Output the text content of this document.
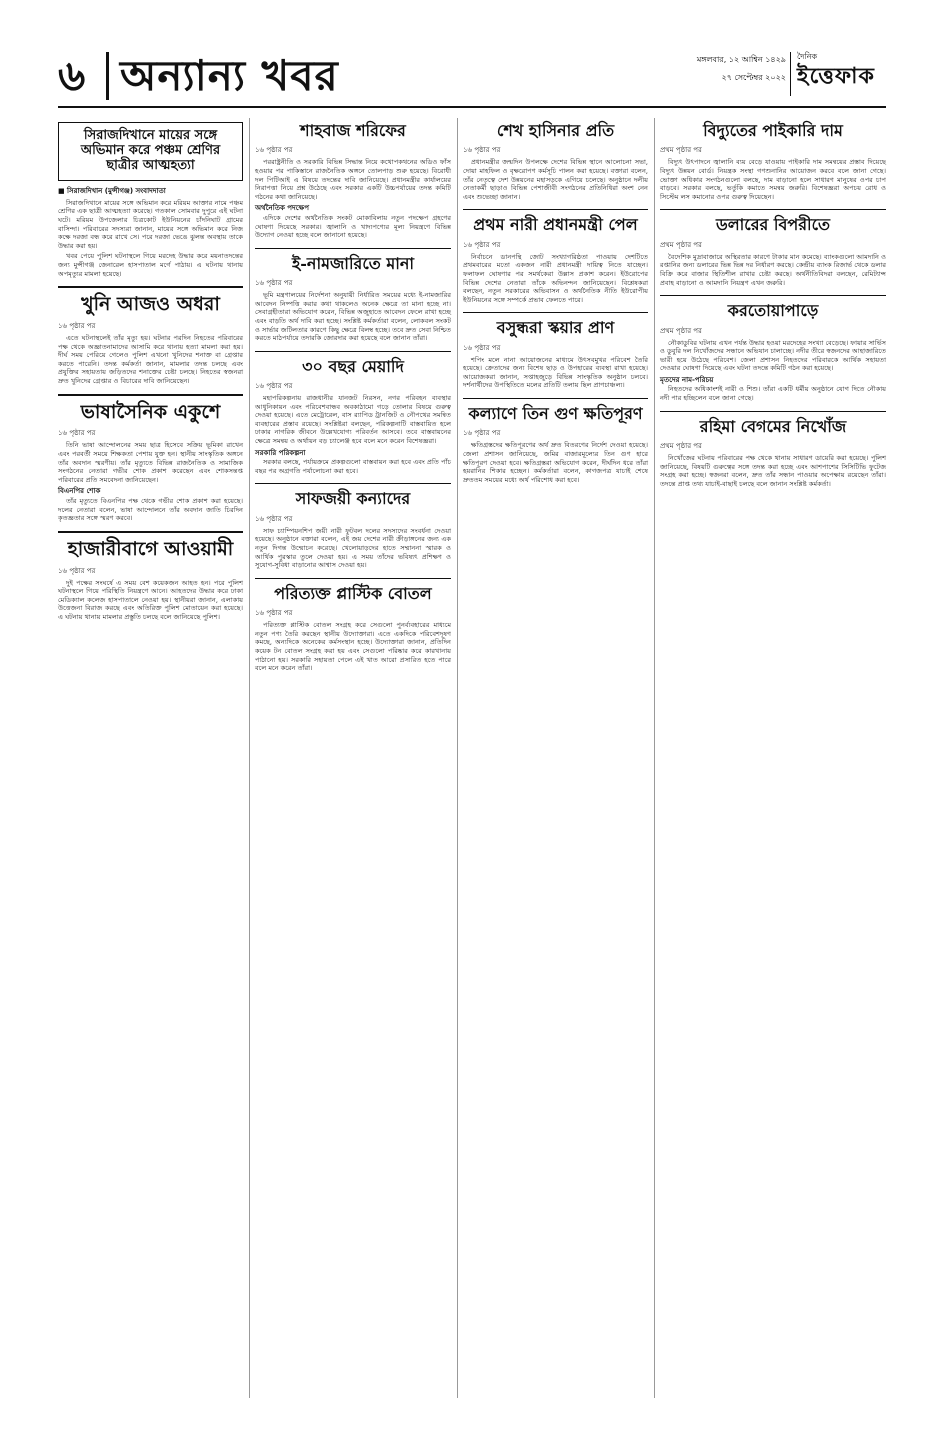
৬ অন্যান্য খবর	মঙ্গলবার, ১২ আশ্বিন ১৪২৯
২৭ সেপ্টেম্বর ২০২২
দৈনিক
ইত্তেফাক
সিরাজদিখানে মায়ের সঙ্গে অভিমান করে পঞ্চম শ্রেণির ছাত্রীর আত্মহত্যা
■ সিরাজদিখান (মুন্সীগঞ্জ) সংবাদদাতা

সিরাজদিখানে মায়ের সঙ্গে অভিমান করে মরিয়ম আক্তার নামে পঞ্চম শ্রেণির এক ছাত্রী আত্মহত্যা করেছে। গতকাল সোমবার দুপুরে এই ঘটনা ঘটে। মরিয়ম উপজেলার চিত্রকোট ইউনিয়নের চাঁদনিঘাট গ্রামের বাসিন্দা। পরিবারের সদস্যরা জানান, মায়ের সঙ্গে অভিমান করে নিজ কক্ষে দরজা বন্ধ করে রাখে সে। পরে দরজা ভেঙে ঝুলন্ত অবস্থায় তাকে উদ্ধার করা হয়।

খবর পেয়ে পুলিশ ঘটনাস্থলে গিয়ে মরদেহ উদ্ধার করে ময়নাতদন্তের জন্য মুন্সীগঞ্জ জেনারেল হাসপাতাল মর্গে পাঠায়। এ ঘটনায় থানায় অপমৃত্যুর মামলা হয়েছে।

খুনি আজও অধরা
১৬ পৃষ্ঠার পর

এতে ঘটনাস্থলেই তাঁর মৃত্যু হয়। ঘটনার পরদিন নিহতের পরিবারের পক্ষ থেকে অজ্ঞাতনামাদের আসামি করে থানায় হত্যা মামলা করা হয়। দীর্ঘ সময় পেরিয়ে গেলেও পুলিশ এখনো খুনিদের শনাক্ত বা গ্রেপ্তার করতে পারেনি। তদন্ত কর্মকর্তা জানান, মামলার তদন্ত চলছে এবং প্রযুক্তির সহায়তায় জড়িতদের শনাক্তের চেষ্টা চলছে। নিহতের স্বজনরা দ্রুত খুনিদের গ্রেপ্তার ও বিচারের দাবি জানিয়েছেন।

ভাষাসৈনিক একুশে
১৬ পৃষ্ঠার পর

তিনি ভাষা আন্দোলনের সময় ছাত্র হিসেবে সক্রিয় ভূমিকা রাখেন এবং পরবর্তী সময়ে শিক্ষকতা পেশায় যুক্ত হন। স্থানীয় সাংস্কৃতিক অঙ্গনে তাঁর অবদান স্মরণীয়। তাঁর মৃত্যুতে বিভিন্ন রাজনৈতিক ও সামাজিক সংগঠনের নেতারা গভীর শোক প্রকাশ করেছেন এবং শোকসন্তপ্ত পরিবারের প্রতি সমবেদনা জানিয়েছেন।

বিএনপির শোক

তাঁর মৃত্যুতে বিএনপির পক্ষ থেকে গভীর শোক প্রকাশ করা হয়েছে। দলের নেতারা বলেন, ভাষা আন্দোলনে তাঁর অবদান জাতি চিরদিন কৃতজ্ঞতার সঙ্গে স্মরণ করবে।

হাজারীবাগে আওয়ামী
১৬ পৃষ্ঠার পর

দুই পক্ষের সংঘর্ষে এ সময় বেশ কয়েকজন আহত হন। পরে পুলিশ ঘটনাস্থলে গিয়ে পরিস্থিতি নিয়ন্ত্রণে আনে। আহতদের উদ্ধার করে ঢাকা মেডিক্যাল কলেজ হাসপাতালে নেওয়া হয়। স্থানীয়রা জানান, এলাকায় উত্তেজনা বিরাজ করছে এবং অতিরিক্ত পুলিশ মোতায়েন করা হয়েছে। এ ঘটনায় থানায় মামলার প্রস্তুতি চলছে বলে জানিয়েছে পুলিশ।

শাহবাজ শরিফের
১৬ পৃষ্ঠার পর

পররাষ্ট্রনীতি ও সরকারি বিভিন্ন সিদ্ধান্ত নিয়ে কথোপকথনের অডিও ফাঁস হওয়ার পর পাকিস্তানে রাজনৈতিক অঙ্গনে তোলপাড় শুরু হয়েছে। বিরোধী দল পিটিআই এ বিষয়ে তদন্তের দাবি জানিয়েছে। প্রধানমন্ত্রীর কার্যালয়ের নিরাপত্তা নিয়ে প্রশ্ন উঠেছে এবং সরকার একটি উচ্চপর্যায়ের তদন্ত কমিটি গঠনের কথা জানিয়েছে।

অর্থনৈতিক পদক্ষেপ

এদিকে দেশের অর্থনৈতিক সংকট মোকাবিলায় নতুন পদক্ষেপ গ্রহণের ঘোষণা দিয়েছে সরকার। জ্বালানি ও খাদ্যপণ্যের মূল্য নিয়ন্ত্রণে বিভিন্ন উদ্যোগ নেওয়া হচ্ছে বলে জানানো হয়েছে।

ই-নামজারিতে মানা
১৬ পৃষ্ঠার পর

ভূমি মন্ত্রণালয়ের নির্দেশনা অনুযায়ী নির্ধারিত সময়ের মধ্যে ই-নামজারির আবেদন নিষ্পত্তি করার কথা থাকলেও অনেক ক্ষেত্রে তা মানা হচ্ছে না। সেবাগ্রহীতারা অভিযোগ করেন, বিভিন্ন অজুহাতে আবেদন ফেলে রাখা হচ্ছে এবং বাড়তি অর্থ দাবি করা হচ্ছে। সংশ্লিষ্ট কর্মকর্তারা বলেন, লোকবল সংকট ও সার্ভার জটিলতার কারণে কিছু ক্ষেত্রে বিলম্ব হচ্ছে। তবে দ্রুত সেবা নিশ্চিত করতে মাঠপর্যায়ে তদারকি জোরদার করা হয়েছে বলে জানান তাঁরা।

৩০ বছর মেয়াদি
১৬ পৃষ্ঠার পর

মহাপরিকল্পনায় রাজধানীর যানজট নিরসন, নগর পরিবহন ব্যবস্থার আধুনিকায়ন এবং পরিবেশবান্ধব অবকাঠামো গড়ে তোলার বিষয়ে গুরুত্ব দেওয়া হয়েছে। এতে মেট্রোরেল, বাস র‍্যাপিড ট্রানজিট ও নৌপথের সমন্বিত ব্যবহারের প্রস্তাব রয়েছে। সংশ্লিষ্টরা বলছেন, পরিকল্পনাটি বাস্তবায়িত হলে ঢাকার নাগরিক জীবনে উল্লেখযোগ্য পরিবর্তন আসবে। তবে বাস্তবায়নের ক্ষেত্রে সমন্বয় ও অর্থায়ন বড় চ্যালেঞ্জ হবে বলে মনে করেন বিশেষজ্ঞরা।

সরকারি পরিকল্পনা

সরকার বলছে, পর্যায়ক্রমে প্রকল্পগুলো বাস্তবায়ন করা হবে এবং প্রতি পাঁচ বছর পর অগ্রগতি পর্যালোচনা করা হবে।

সাফজয়ী কন্যাদের
১৬ পৃষ্ঠার পর

সাফ চ্যাম্পিয়নশিপ জয়ী নারী ফুটবল দলের সদস্যদের সংবর্ধনা দেওয়া হয়েছে। অনুষ্ঠানে বক্তারা বলেন, এই জয় দেশের নারী ক্রীড়াঙ্গনের জন্য এক নতুন দিগন্ত উন্মোচন করেছে। খেলোয়াড়দের হাতে সম্মাননা স্মারক ও আর্থিক পুরস্কার তুলে দেওয়া হয়। এ সময় তাঁদের ভবিষ্যৎ প্রশিক্ষণ ও সুযোগ-সুবিধা বাড়ানোর আশ্বাস দেওয়া হয়।

পরিত্যক্ত প্লাস্টিক বোতল
১৬ পৃষ্ঠার পর

পরিত্যক্ত প্লাস্টিক বোতল সংগ্রহ করে সেগুলো পুনর্ব্যবহারের মাধ্যমে নতুন পণ্য তৈরি করছেন স্থানীয় উদ্যোক্তারা। এতে একদিকে পরিবেশদূষণ কমছে, অন্যদিকে অনেকের কর্মসংস্থান হচ্ছে। উদ্যোক্তারা জানান, প্রতিদিন কয়েক টন বোতল সংগ্রহ করা হয় এবং সেগুলো পরিষ্কার করে কারখানায় পাঠানো হয়। সরকারি সহায়তা পেলে এই খাত আরো প্রসারিত হতে পারে বলে মনে করেন তাঁরা।

শেখ হাসিনার প্রতি
১৬ পৃষ্ঠার পর

প্রধানমন্ত্রীর জন্মদিন উপলক্ষে দেশের বিভিন্ন স্থানে আলোচনা সভা, দোয়া মাহফিল ও বৃক্ষরোপণ কর্মসূচি পালন করা হয়েছে। বক্তারা বলেন, তাঁর নেতৃত্বে দেশ উন্নয়নের মহাসড়কে এগিয়ে চলেছে। অনুষ্ঠানে দলীয় নেতাকর্মী ছাড়াও বিভিন্ন পেশাজীবী সংগঠনের প্রতিনিধিরা অংশ নেন এবং শুভেচ্ছা জানান।

প্রথম নারী প্রধানমন্ত্রী পেল
১৬ পৃষ্ঠার পর

নির্বাচনে ডানপন্থি জোট সংখ্যাগরিষ্ঠতা পাওয়ায় দেশটিতে প্রথমবারের মতো একজন নারী প্রধানমন্ত্রী দায়িত্ব নিতে যাচ্ছেন। ফলাফল ঘোষণার পর সমর্থকেরা উল্লাস প্রকাশ করেন। ইউরোপের বিভিন্ন দেশের নেতারা তাঁকে অভিনন্দন জানিয়েছেন। বিশ্লেষকরা বলছেন, নতুন সরকারের অভিবাসন ও অর্থনৈতিক নীতি ইউরোপীয় ইউনিয়নের সঙ্গে সম্পর্কে প্রভাব ফেলতে পারে।

বসুন্ধরা স্কয়ার প্রাণ
১৬ পৃষ্ঠার পর

শপিং মলে নানা আয়োজনের মাধ্যমে উৎসবমুখর পরিবেশ তৈরি হয়েছে। ক্রেতাদের জন্য বিশেষ ছাড় ও উপহারের ব্যবস্থা রাখা হয়েছে। আয়োজকরা জানান, সপ্তাহজুড়ে বিভিন্ন সাংস্কৃতিক অনুষ্ঠান চলবে। দর্শনার্থীদের উপস্থিতিতে মলের প্রতিটি তলায় ছিল প্রাণচাঞ্চল্য।

কল্যাণে তিন গুণ ক্ষতিপূরণ
১৬ পৃষ্ঠার পর

ক্ষতিগ্রস্তদের ক্ষতিপূরণের অর্থ দ্রুত বিতরণের নির্দেশ দেওয়া হয়েছে। জেলা প্রশাসন জানিয়েছে, জমির বাজারমূল্যের তিন গুণ হারে ক্ষতিপূরণ দেওয়া হবে। ক্ষতিগ্রস্তরা অভিযোগ করেন, দীর্ঘদিন ধরে তাঁরা হয়রানির শিকার হচ্ছেন। কর্মকর্তারা বলেন, কাগজপত্র যাচাই শেষে দ্রুততম সময়ের মধ্যে অর্থ পরিশোধ করা হবে।

বিদ্যুতের পাইকারি দাম
প্রথম পৃষ্ঠার পর

বিদ্যুৎ উৎপাদনে জ্বালানি ব্যয় বেড়ে যাওয়ায় পাইকারি দাম সমন্বয়ের প্রস্তাব দিয়েছে বিদ্যুৎ উন্নয়ন বোর্ড। নিয়ন্ত্রক সংস্থা গণশুনানির আয়োজন করবে বলে জানা গেছে। ভোক্তা অধিকার সংগঠনগুলো বলছে, দাম বাড়ানো হলে সাধারণ মানুষের ওপর চাপ বাড়বে। সরকার বলছে, ভর্তুকি কমাতে সমন্বয় জরুরি। বিশেষজ্ঞরা অপচয় রোধ ও সিস্টেম লস কমানোর ওপর গুরুত্ব দিয়েছেন।

ডলারের বিপরীতে
প্রথম পৃষ্ঠার পর

বৈদেশিক মুদ্রাবাজারে অস্থিরতার কারণে টাকার মান কমেছে। ব্যাংকগুলো আমদানি ও রপ্তানির জন্য ডলারের ভিন্ন ভিন্ন দর নির্ধারণ করছে। কেন্দ্রীয় ব্যাংক রিজার্ভ থেকে ডলার বিক্রি করে বাজার স্থিতিশীল রাখার চেষ্টা করছে। অর্থনীতিবিদরা বলছেন, রেমিট্যান্স প্রবাহ বাড়ানো ও আমদানি নিয়ন্ত্রণ এখন জরুরি।

করতোয়াপাড়ে
প্রথম পৃষ্ঠার পর

নৌকাডুবির ঘটনায় এখন পর্যন্ত উদ্ধার হওয়া মরদেহের সংখ্যা বেড়েছে। ফায়ার সার্ভিস ও ডুবুরি দল নিখোঁজদের সন্ধানে অভিযান চালাচ্ছে। নদীর তীরে স্বজনদের আহাজারিতে ভারী হয়ে উঠেছে পরিবেশ। জেলা প্রশাসন নিহতদের পরিবারকে আর্থিক সহায়তা দেওয়ার ঘোষণা দিয়েছে এবং ঘটনা তদন্তে কমিটি গঠন করা হয়েছে।

মৃতদের নাম-পরিচয়

নিহতদের অধিকাংশই নারী ও শিশু। তাঁরা একটি ধর্মীয় অনুষ্ঠানে যোগ দিতে নৌকায় নদী পার হচ্ছিলেন বলে জানা গেছে।

রহিমা বেগমের নিখোঁজ
প্রথম পৃষ্ঠার পর

নিখোঁজের ঘটনায় পরিবারের পক্ষ থেকে থানায় সাধারণ ডায়েরি করা হয়েছে। পুলিশ জানিয়েছে, বিষয়টি গুরুত্বের সঙ্গে তদন্ত করা হচ্ছে এবং আশপাশের সিসিটিভি ফুটেজ সংগ্রহ করা হচ্ছে। স্বজনরা বলেন, দ্রুত তাঁর সন্ধান পাওয়ার অপেক্ষায় রয়েছেন তাঁরা। তদন্তে প্রাপ্ত তথ্য যাচাই-বাছাই চলছে বলে জানান সংশ্লিষ্ট কর্মকর্তা।
